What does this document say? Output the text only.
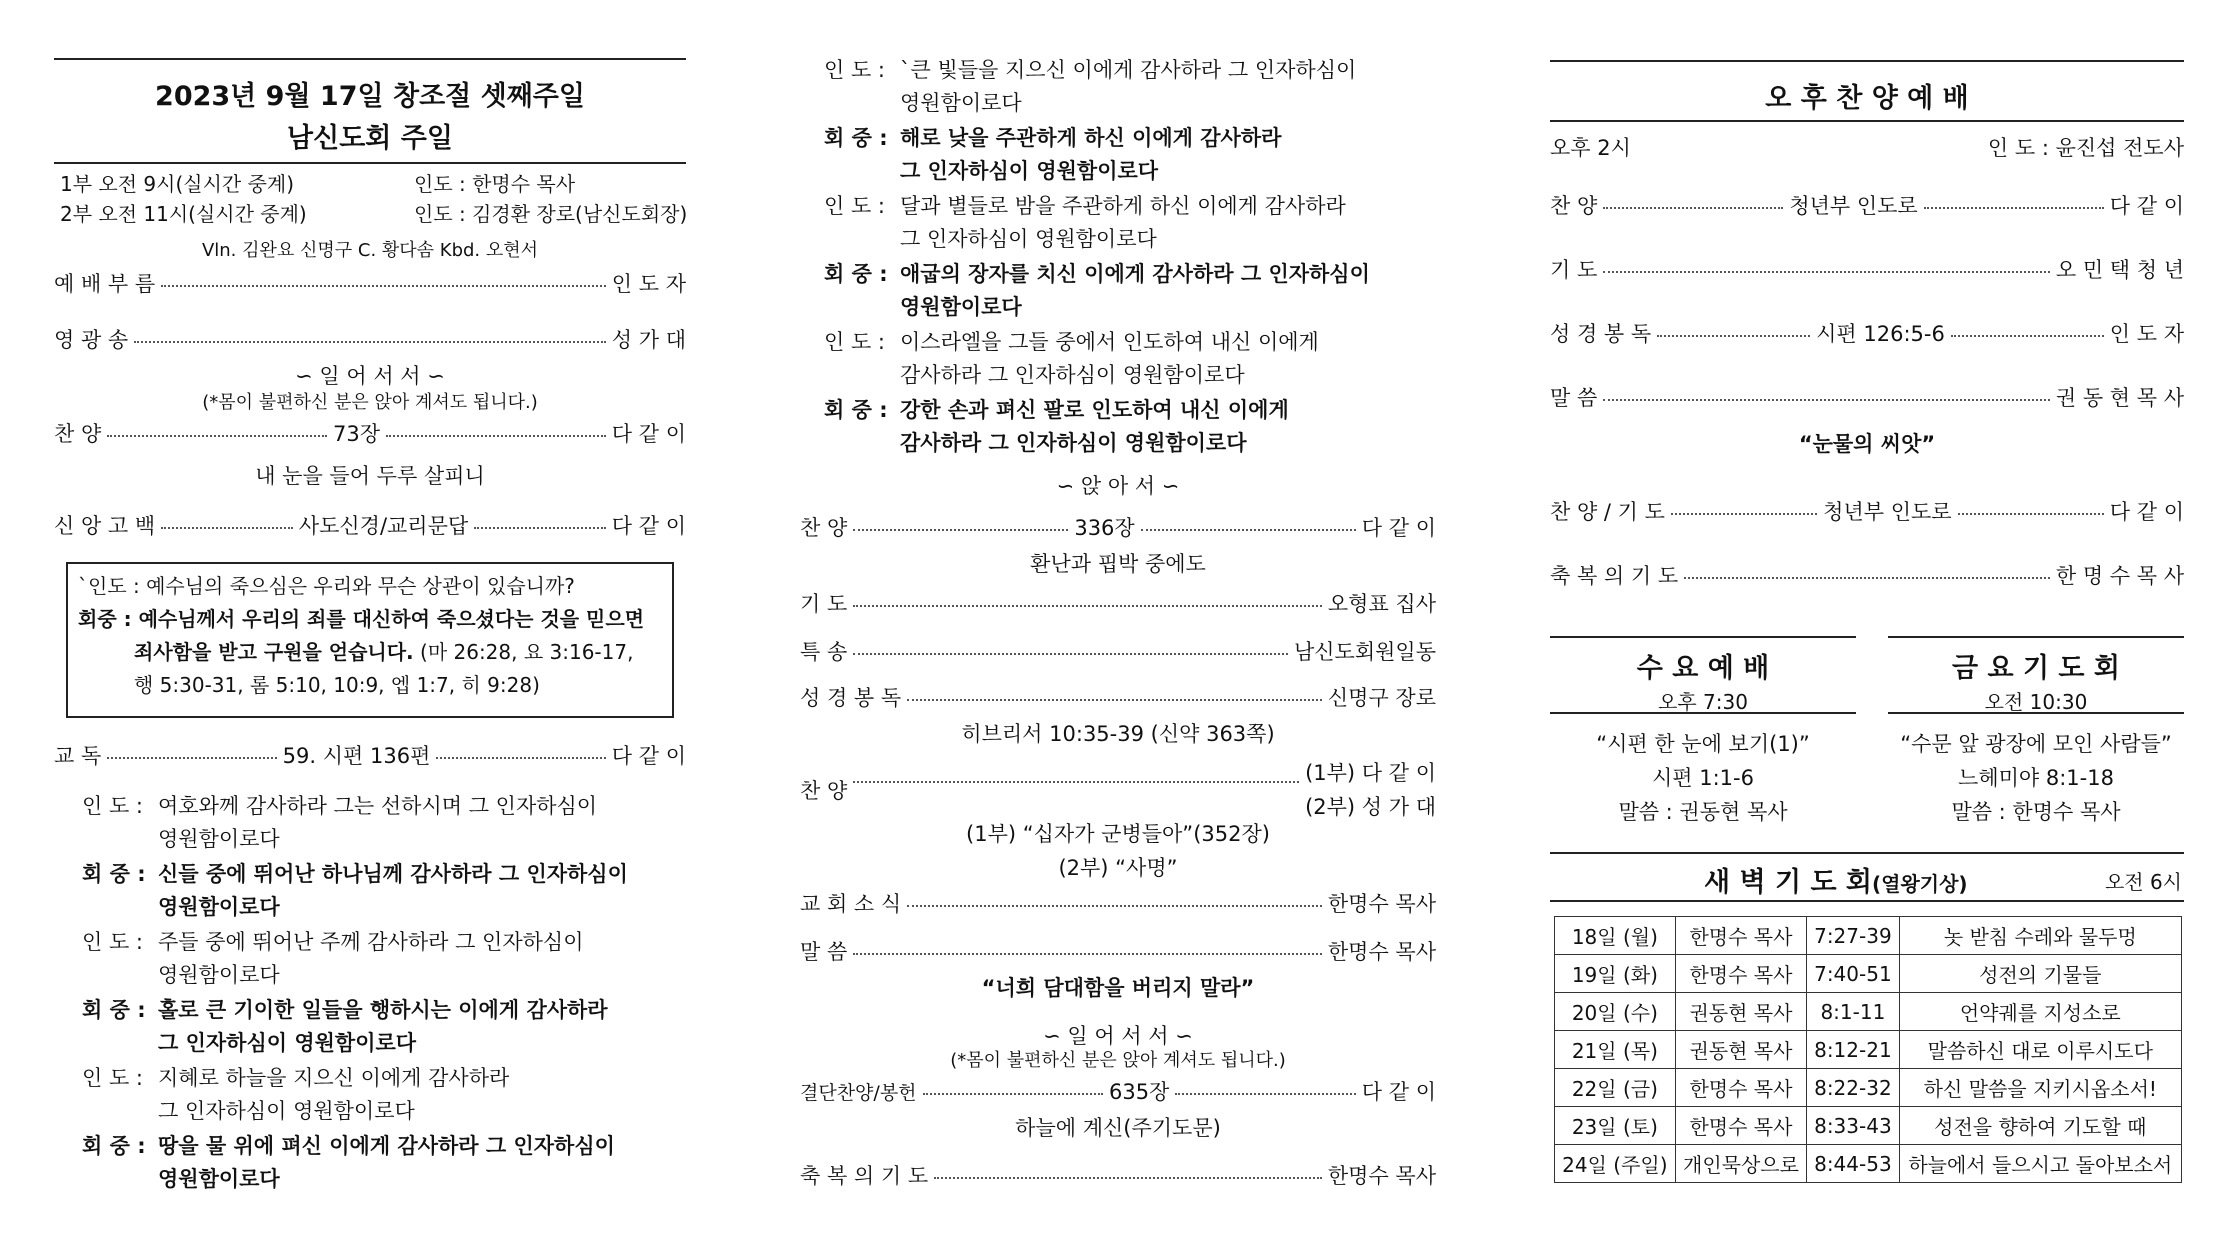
2023년 9월 17일 창조절 셋째주일
남신도회 주일
1부 오전 9시(실시간 중계)	인도 : 한명수 목사
2부 오전 11시(실시간 중계)	인도 : 김경환 장로(남신도회장)
Vln. 김완요 신명구 C. 황다솜 Kbd. 오현서
예 배 부 름	인 도 자
영 광 송	성 가 대
∽ 일 어 서 서 ∽
(*몸이 불편하신 분은 앉아 계셔도 됩니다.)
찬 양	73장	다 같 이
내 눈을 들어 두루 살피니
신 앙 고 백	사도신경/교리문답	다 같 이
`인도 : 예수님의 죽으심은 우리와 무슨 상관이 있습니까?
회중 : 예수님께서 우리의 죄를 대신하여 죽으셨다는 것을 믿으면
죄사함을 받고 구원을 얻습니다. (마 26:28, 요 3:16-17,
행 5:30-31, 롬 5:10, 10:9, 엡 1:7, 히 9:28)
교 독	59. 시편 136편	다 같 이
인 도 : 여호와께 감사하라 그는 선하시며 그 인자하심이
영원함이로다
회 중 : 신들 중에 뛰어난 하나님께 감사하라 그 인자하심이
영원함이로다
인 도 : 주들 중에 뛰어난 주께 감사하라 그 인자하심이
영원함이로다
회 중 : 홀로 큰 기이한 일들을 행하시는 이에게 감사하라
그 인자하심이 영원함이로다
인 도 : 지혜로 하늘을 지으신 이에게 감사하라
그 인자하심이 영원함이로다
회 중 : 땅을 물 위에 펴신 이에게 감사하라 그 인자하심이
영원함이로다
인 도 : `큰 빛들을 지으신 이에게 감사하라 그 인자하심이
영원함이로다
회 중 : 해로 낮을 주관하게 하신 이에게 감사하라
그 인자하심이 영원함이로다
인 도 : 달과 별들로 밤을 주관하게 하신 이에게 감사하라
그 인자하심이 영원함이로다
회 중 : 애굽의 장자를 치신 이에게 감사하라 그 인자하심이
영원함이로다
인 도 : 이스라엘을 그들 중에서 인도하여 내신 이에게
감사하라 그 인자하심이 영원함이로다
회 중 : 강한 손과 펴신 팔로 인도하여 내신 이에게
감사하라 그 인자하심이 영원함이로다
∽ 앉 아 서 ∽
찬 양	336장	다 같 이
환난과 핍박 중에도
기 도	오형표 집사
특 송	남신도회원일동
성 경 봉 독	신명구 장로
히브리서 10:35-39 (신약 363쪽)
찬 양
(1부) 다 같 이
(2부) 성 가 대
(1부) “십자가 군병들아”(352장)
(2부) “사명”
교 회 소 식	한명수 목사
말 씀	한명수 목사
“너희 담대함을 버리지 말라”
∽ 일 어 서 서 ∽
(*몸이 불편하신 분은 앉아 계셔도 됩니다.)
결단찬양/봉헌	635장	다 같 이
하늘에 계신(주기도문)
축 복 의 기 도	한명수 목사
오 후 찬 양 예 배
오후 2시	인 도 : 윤진섭 전도사
찬 양	청년부 인도로	다 같 이
기 도	오 민 택 청 년
성 경 봉 독	시편 126:5-6	인 도 자
말 씀	권 동 현 목 사
“눈물의 씨앗”
찬 양 / 기 도	청년부 인도로	다 같 이
축 복 의 기 도	한 명 수 목 사
수 요 예 배
오후 7:30
“시편 한 눈에 보기(1)”
시편 1:1-6
말씀 : 권동현 목사
금 요 기 도 회
오전 10:30
“수문 앞 광장에 모인 사람들”
느헤미야 8:1-18
말씀 : 한명수 목사
새 벽 기 도 회(열왕기상)	오전 6시
18일 (월)	한명수 목사	7:27-39	놋 받침 수레와 물두멍
19일 (화)	한명수 목사	7:40-51	성전의 기물들
20일 (수)	권동현 목사	8:1-11	언약궤를 지성소로
21일 (목)	권동현 목사	8:12-21	말씀하신 대로 이루시도다
22일 (금)	한명수 목사	8:22-32	하신 말씀을 지키시옵소서!
23일 (토)	한명수 목사	8:33-43	성전을 향하여 기도할 때
24일 (주일)	개인묵상으로	8:44-53	하늘에서 들으시고 돌아보소서
